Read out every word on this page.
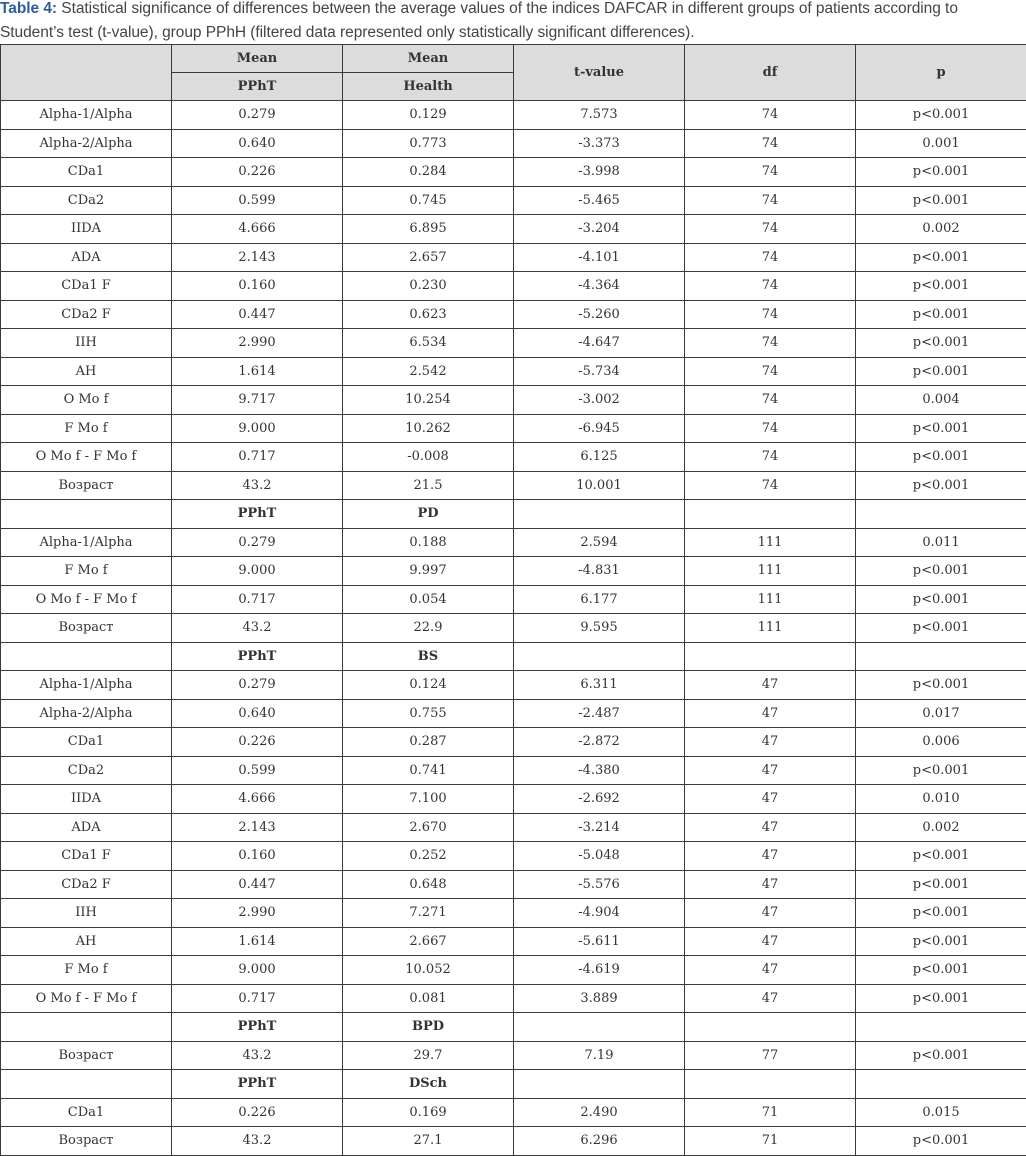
Table 4: Statistical significance of differences between the average values of the indices DAFCAR in different groups of patients according to Student’s test (t-value), group PPhH (filtered data represented only statistically significant differences).
	Mean	Mean	t-value	df	p
	PPhT	Health			
Alpha-1/Alpha	0.279	0.129	7.573	74	p<0.001
Alpha-2/Alpha	0.640	0.773	-3.373	74	0.001
CDa1	0.226	0.284	-3.998	74	p<0.001
CDa2	0.599	0.745	-5.465	74	p<0.001
IIDA	4.666	6.895	-3.204	74	0.002
ADA	2.143	2.657	-4.101	74	p<0.001
CDa1 F	0.160	0.230	-4.364	74	p<0.001
CDa2 F	0.447	0.623	-5.260	74	p<0.001
IIH	2.990	6.534	-4.647	74	p<0.001
AH	1.614	2.542	-5.734	74	p<0.001
O Mo f	9.717	10.254	-3.002	74	0.004
F Mo f	9.000	10.262	-6.945	74	p<0.001
O Mo f - F Mo f	0.717	-0.008	6.125	74	p<0.001
Возраст	43.2	21.5	10.001	74	p<0.001
	PPhT	PD			
Alpha-1/Alpha	0.279	0.188	2.594	111	0.011
F Mo f	9.000	9.997	-4.831	111	p<0.001
O Mo f - F Mo f	0.717	0.054	6.177	111	p<0.001
Возраст	43.2	22.9	9.595	111	p<0.001
	PPhT	BS			
Alpha-1/Alpha	0.279	0.124	6.311	47	p<0.001
Alpha-2/Alpha	0.640	0.755	-2.487	47	0.017
CDa1	0.226	0.287	-2.872	47	0.006
CDa2	0.599	0.741	-4.380	47	p<0.001
IIDA	4.666	7.100	-2.692	47	0.010
ADA	2.143	2.670	-3.214	47	0.002
CDa1 F	0.160	0.252	-5.048	47	p<0.001
CDa2 F	0.447	0.648	-5.576	47	p<0.001
IIH	2.990	7.271	-4.904	47	p<0.001
AH	1.614	2.667	-5.611	47	p<0.001
F Mo f	9.000	10.052	-4.619	47	p<0.001
O Mo f - F Mo f	0.717	0.081	3.889	47	p<0.001
	PPhT	BPD			
Возраст	43.2	29.7	7.19	77	p<0.001
	PPhT	DSch			
CDa1	0.226	0.169	2.490	71	0.015
Возраст	43.2	27.1	6.296	71	p<0.001
